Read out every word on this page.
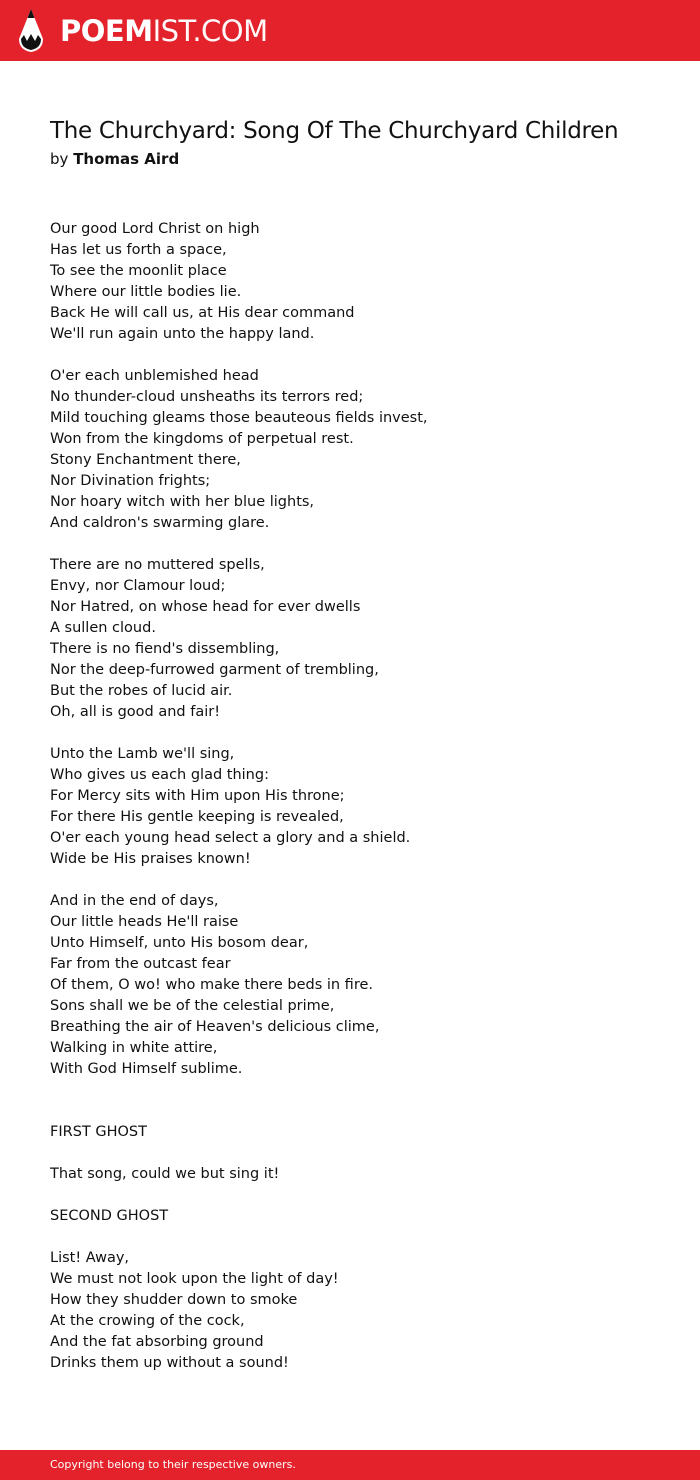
POEMIST.COM
The Churchyard: Song Of The Churchyard Children
by Thomas Aird
Our good Lord Christ on high
Has let us forth a space,
To see the moonlit place
Where our little bodies lie.
Back He will call us, at His dear command
We'll run again unto the happy land.
O'er each unblemished head
No thunder-cloud unsheaths its terrors red;
Mild touching gleams those beauteous fields invest,
Won from the kingdoms of perpetual rest.
Stony Enchantment there,
Nor Divination frights;
Nor hoary witch with her blue lights,
And caldron's swarming glare.
There are no muttered spells,
Envy, nor Clamour loud;
Nor Hatred, on whose head for ever dwells
A sullen cloud.
There is no fiend's dissembling,
Nor the deep-furrowed garment of trembling,
But the robes of lucid air.
Oh, all is good and fair!
Unto the Lamb we'll sing,
Who gives us each glad thing:
For Mercy sits with Him upon His throne;
For there His gentle keeping is revealed,
O'er each young head select a glory and a shield.
Wide be His praises known!
And in the end of days,
Our little heads He'll raise
Unto Himself, unto His bosom dear,
Far from the outcast fear
Of them, O wo! who make there beds in fire.
Sons shall we be of the celestial prime,
Breathing the air of Heaven's delicious clime,
Walking in white attire,
With God Himself sublime.
FIRST GHOST
That song, could we but sing it!
SECOND GHOST
List! Away,
We must not look upon the light of day!
How they shudder down to smoke
At the crowing of the cock,
And the fat absorbing ground
Drinks them up without a sound!
Copyright belong to their respective owners.
